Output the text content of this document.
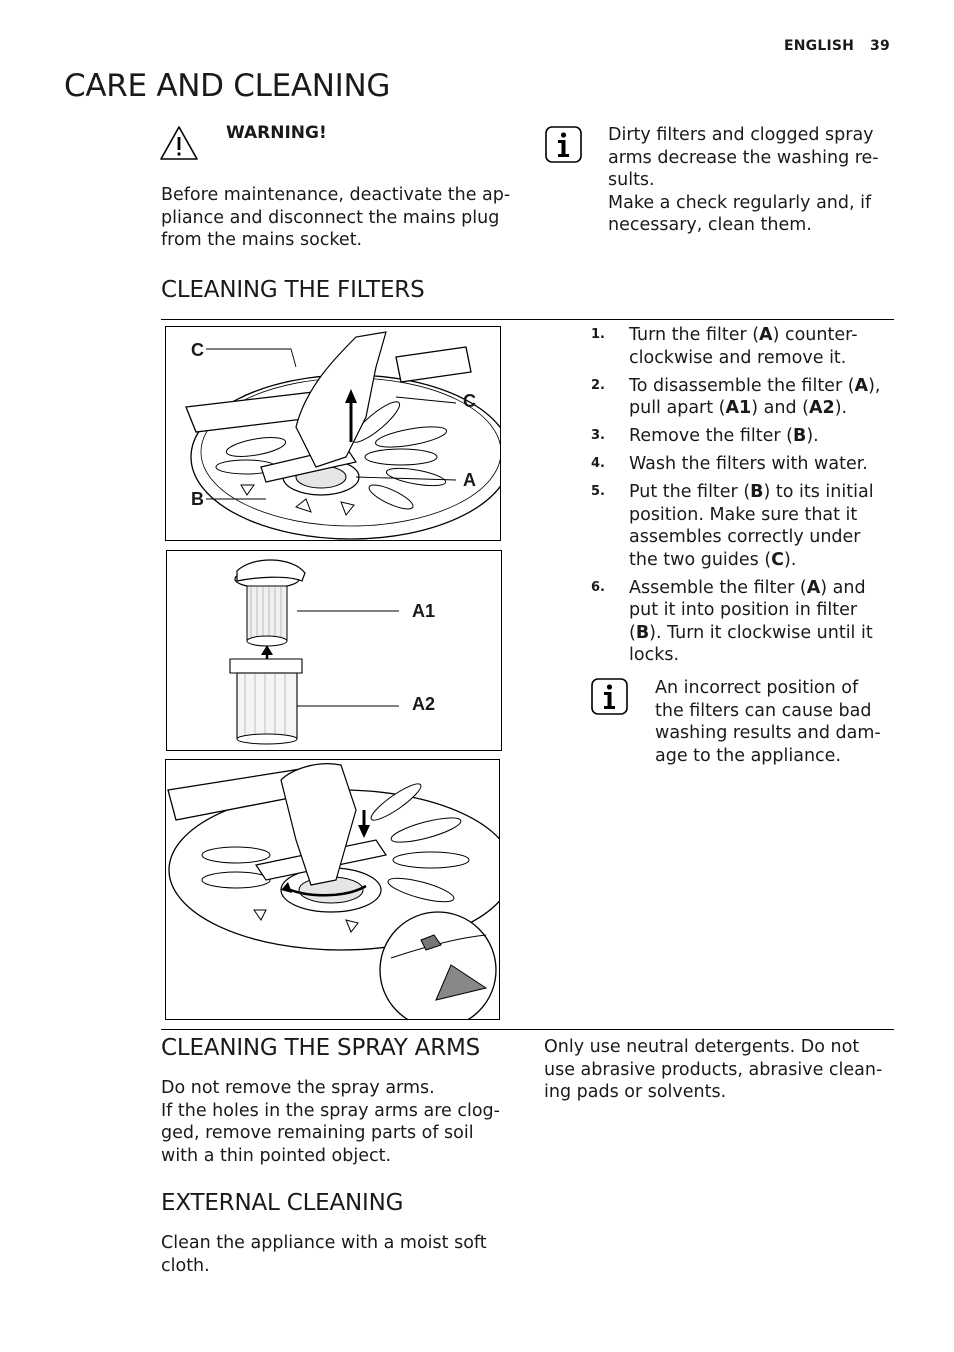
ENGLISH 39
CARE AND CLEANING
WARNING!
Before maintenance, deactivate the ap-
pliance and disconnect the mains plug
from the mains socket.
Dirty filters and clogged spray
arms decrease the washing re-
sults.
Make a check regularly and, if
necessary, clean them.
CLEANING THE FILTERS
C
C
A
B
A1
A2
1. Turn the filter (A) counter-
clockwise and remove it.
2. To disassemble the filter (A),
pull apart (A1) and (A2).
3. Remove the filter (B).
4. Wash the filters with water.
5. Put the filter (B) to its initial
position. Make sure that it
assembles correctly under
the two guides (C).
6. Assemble the filter (A) and
put it into position in filter
(B). Turn it clockwise until it
locks.
An incorrect position of
the filters can cause bad
washing results and dam-
age to the appliance.
CLEANING THE SPRAY ARMS
Do not remove the spray arms.
If the holes in the spray arms are clog-
ged, remove remaining parts of soil
with a thin pointed object.
Only use neutral detergents. Do not
use abrasive products, abrasive clean-
ing pads or solvents.
EXTERNAL CLEANING
Clean the appliance with a moist soft
cloth.
